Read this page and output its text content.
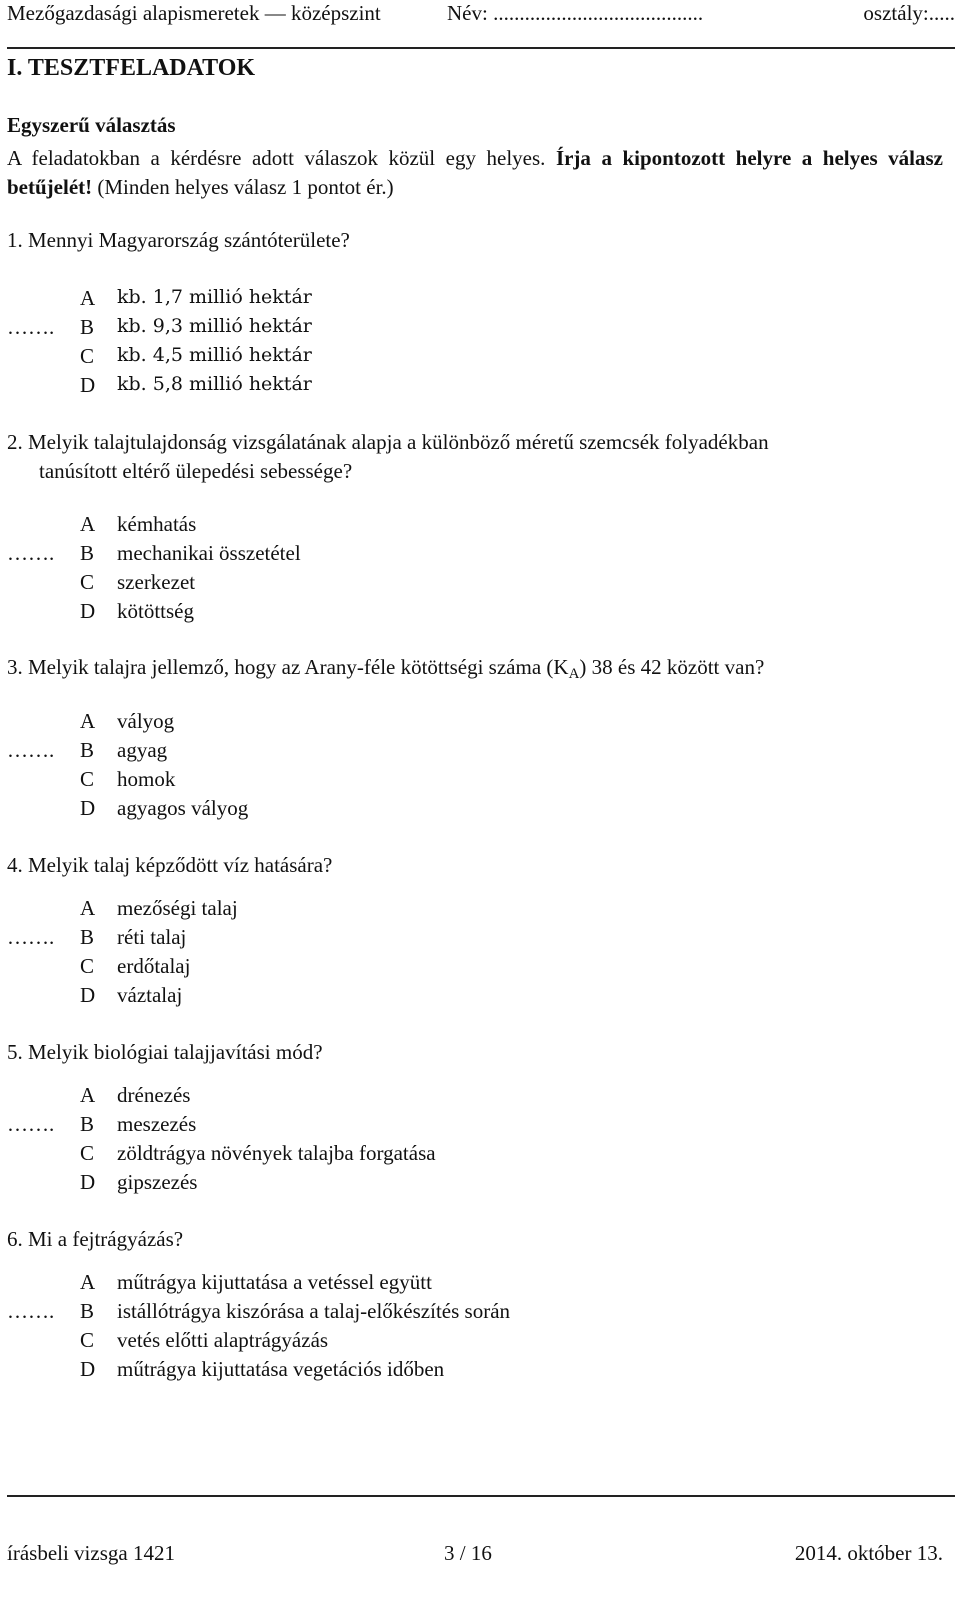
Mezőgazdasági alapismeretek — középszint	Név: ........................................	osztály:.....
I. TESZTFELADATOK
Egyszerű választás
A feladatokban a kérdésre adott válaszok közül egy helyes. Írja a kipontozott helyre a helyes válasz betűjelét! (Minden helyes válasz 1 pontot ér.)
1. Mennyi Magyarország szántóterülete?
…….
A kb. 1,7 millió hektár
B kb. 9,3 millió hektár
C kb. 4,5 millió hektár
D kb. 5,8 millió hektár
2. Melyik talajtulajdonság vizsgálatának alapja a különböző méretű szemcsék folyadékban
tanúsított eltérő ülepedési sebessége?
…….
A kémhatás
B mechanikai összetétel
C szerkezet
D kötöttség
3. Melyik talajra jellemző, hogy az Arany-féle kötöttségi száma $(K_A)$ 38 és 42 között van?
…….
A vályog
B agyag
C homok
D agyagos vályog
4. Melyik talaj képződött víz hatására?
…….
A mezőségi talaj
B réti talaj
C erdőtalaj
D váztalaj
5. Melyik biológiai talajjavítási mód?
…….
A drénezés
B meszezés
C zöldtrágya növények talajba forgatása
D gipszezés
6. Mi a fejtrágyázás?
…….
A műtrágya kijuttatása a vetéssel együtt
B istállótrágya kiszórása a talaj-előkészítés során
C vetés előtti alaptrágyázás
D műtrágya kijuttatása vegetációs időben
írásbeli vizsga 1421	3 / 16	2014. október 13.
